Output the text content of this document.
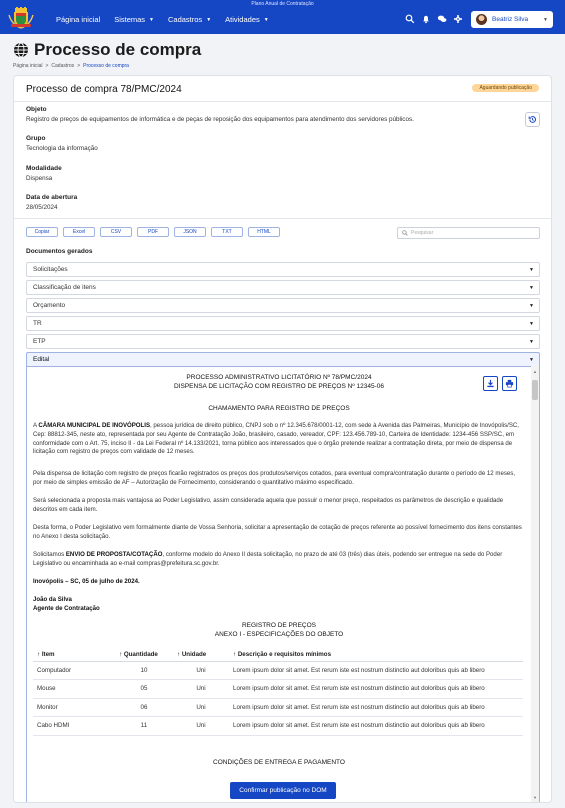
Plano Anual de Contratação
Página inicial Sistemas ▼ Cadastros ▼ Atividades ▼	Beatriz Silva	▼
Processo de compra
Página inicial > Cadastros > Processo de compra
Processo de compra 78/PMC/2024	Aguardando publicação
Objeto
Registro de preços de equipamentos de informática e de peças de reposição dos equipamentos para atendimento dos servidores públicos.
Grupo
Tecnologia da informação
Modalidade
Dispensa
Data de abertura
28/05/2024
Copiar	Excel	CSV	PDF	JSON	TXT	HTML
Pesquisar
Documentos gerados
Solicitações	▼
Classificação de itens	▼
Orçamento	▼
TR	▼
ETP	▼
Edital	▼
PROCESSO ADMINISTRATIVO LICITATÓRIO Nº 78/PMC/2024
DISPENSA DE LICITAÇÃO COM REGISTRO DE PREÇOS Nº 12345-06
CHAMAMENTO PARA REGISTRO DE PREÇOS
A CÂMARA MUNICIPAL DE INOVÓPOLIS, pessoa jurídica de direito público, CNPJ sob o nº 12.345.678/0001-12, com sede à Avenida das Palmeiras, Município de Inovópolis/SC, Cep: 88812-345, neste ato, representada por seu Agente de Contratação João, brasileiro, casado, vereador, CPF: 123.456.789-10, Carteira de Identidade: 1234-456 SSP/SC, em conformidade com o Art. 75, inciso II - da Lei Federal nº 14.133/2021, torna público aos interessados que o órgão pretende realizar a contratação direta, por meio de dispensa de licitação com registro de preços com validade de 12 meses.
Pela dispensa de licitação com registro de preços ficarão registrados os preços dos produtos/serviços cotados, para eventual compra/contratação durante o período de 12 meses, por meio de simples emissão de AF – Autorização de Fornecimento, considerando o quantitativo máximo especificado.
Será selecionada a proposta mais vantajosa ao Poder Legislativo, assim considerada aquela que possuir o menor preço, respeitados os parâmetros de descrição e qualidade descritos em cada item.
Desta forma, o Poder Legislativo vem formalmente diante de Vossa Senhoria, solicitar a apresentação de cotação de preços referente ao possível fornecimento dos itens constantes no Anexo I desta solicitação.
Solicitamos ENVIO DE PROPOSTA/COTAÇÃO, conforme modelo do Anexo II desta solicitação, no prazo de até 03 (três) dias úteis, podendo ser entregue na sede do Poder Legislativo ou encaminhada ao e-mail compras@prefeitura.sc.gov.br.
Inovópolis – SC, 05 de julho de 2024.
João da Silva
Agente de Contratação
REGISTRO DE PREÇOS
ANEXO I - ESPECIFICAÇÕES DO OBJETO
↑ Item	↑ Quantidade	↑ Unidade	↑ Descrição e requisitos mínimos
Computador	10	Uni	Lorem ipsum dolor sit amet. Est rerum iste est nostrum distinctio aut doloribus quis ab libero
Mouse	05	Uni	Lorem ipsum dolor sit amet. Est rerum iste est nostrum distinctio aut doloribus quis ab libero
Monitor	06	Uni	Lorem ipsum dolor sit amet. Est rerum iste est nostrum distinctio aut doloribus quis ab libero
Cabo HDMI	11	Uni	Lorem ipsum dolor sit amet. Est rerum iste est nostrum distinctio aut doloribus quis ab libero
CONDIÇÕES DE ENTREGA E PAGAMENTO
▲
▼
Confirmar publicação no DOM
